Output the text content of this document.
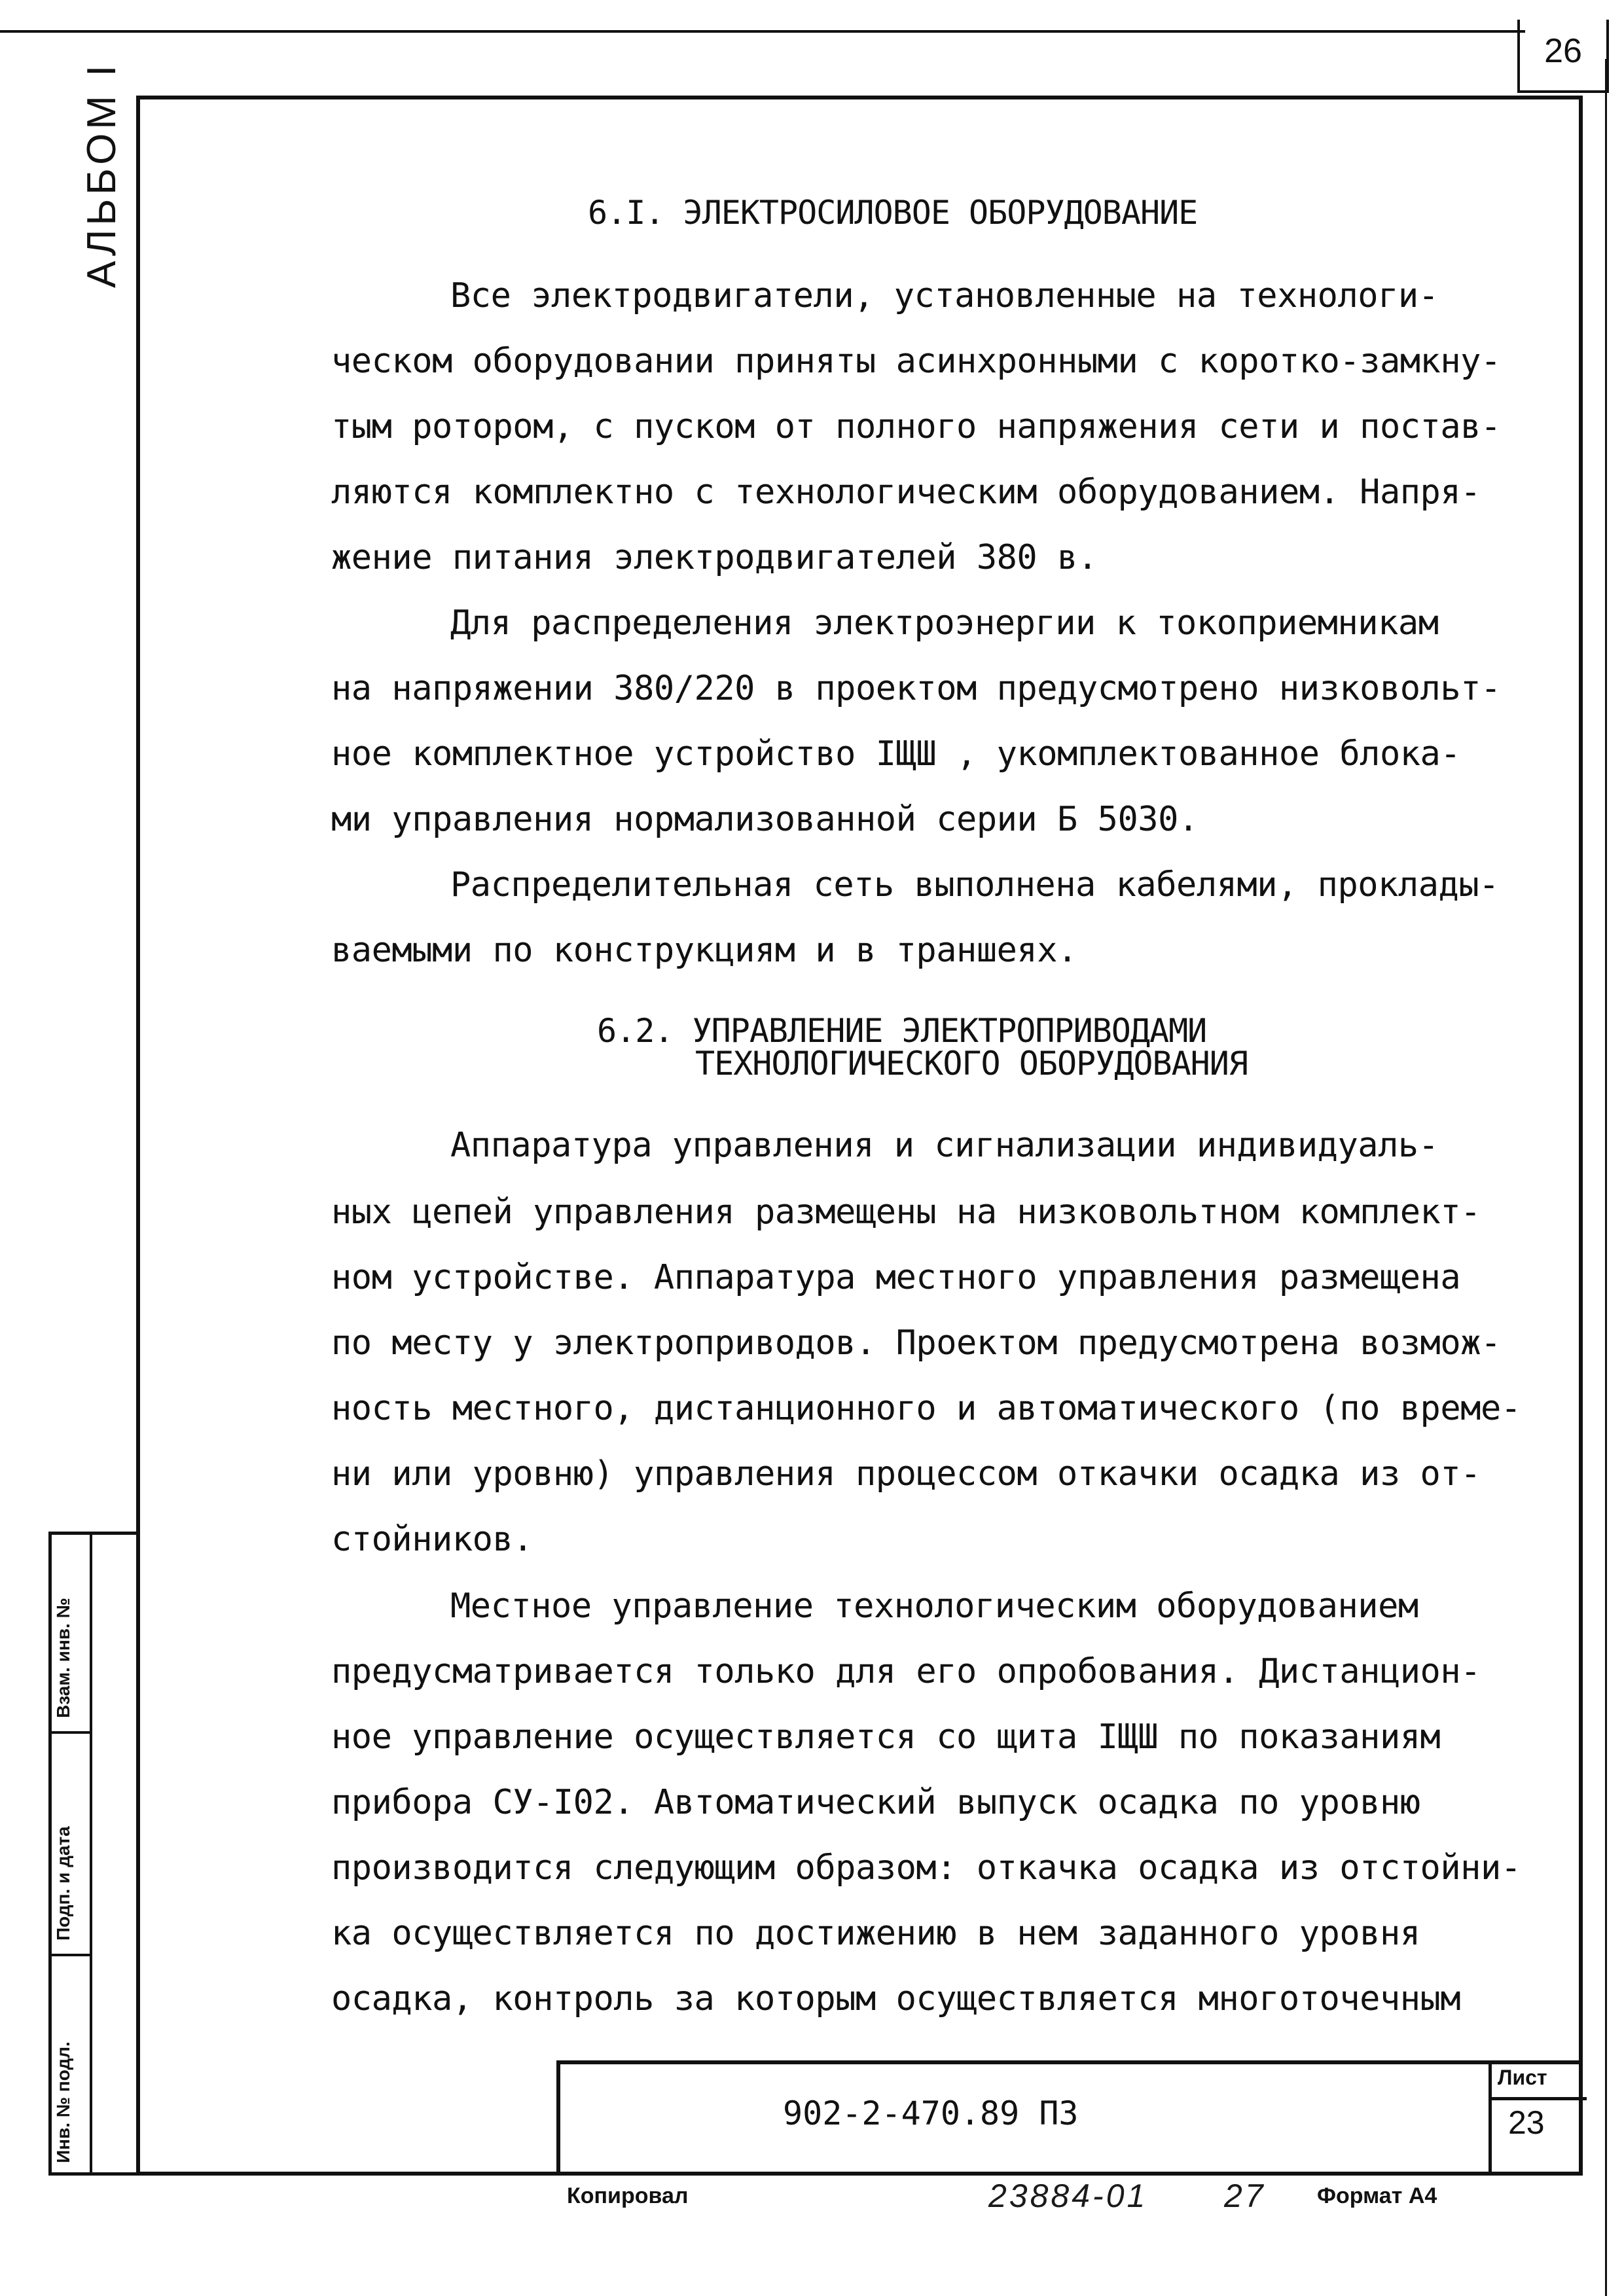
26
АЛЬБОМ I
Взам. инв. №
Подп. и дата
Инв. № подл.
6.I. ЭЛЕКТРОСИЛОВОЕ ОБОРУДОВАНИЕ
Все электродвигатели, установленные на технологи-
ческом оборудовании приняты асинхронными с коротко-замкну-
тым ротором, с пуском от полного напряжения сети и постав-
ляются комплектно с технологическим оборудованием. Напря-
жение питания электродвигателей 380 в.
Для распределения электроэнергии к токоприемникам
на напряжении 380/220 в проектом предусмотрено низковольт-
ное комплектное устройство IЩШ , укомплектованное блока-
ми управления нормализованной серии Б 5030.
Распределительная сеть выполнена кабелями, проклады-
ваемыми по конструкциям и в траншеях.
6.2. УПРАВЛЕНИЕ ЭЛЕКТРОПРИВОДАМИ
ТЕХНОЛОГИЧЕСКОГО ОБОРУДОВАНИЯ
Аппаратура управления и сигнализации индивидуаль-
ных цепей управления размещены на низковольтном комплект-
ном устройстве. Аппаратура местного управления размещена
по месту у электроприводов. Проектом предусмотрена возмож-
ность местного, дистанционного и автоматического (по време-
ни или уровню) управления процессом откачки осадка из от-
стойников.
Местное управление технологическим оборудованием
предусматривается только для его опробования. Дистанцион-
ное управление осуществляется со щита IЩШ по показаниям
прибора СУ-I02. Автоматический выпуск осадка по уровню
производится следующим образом: откачка осадка из отстойни-
ка осуществляется по достижению в нем заданного уровня
осадка, контроль за которым осуществляется многоточечным
902-2-470.89 ПЗ
Лист
23
Копировал	23884-01 27 Формат А4
